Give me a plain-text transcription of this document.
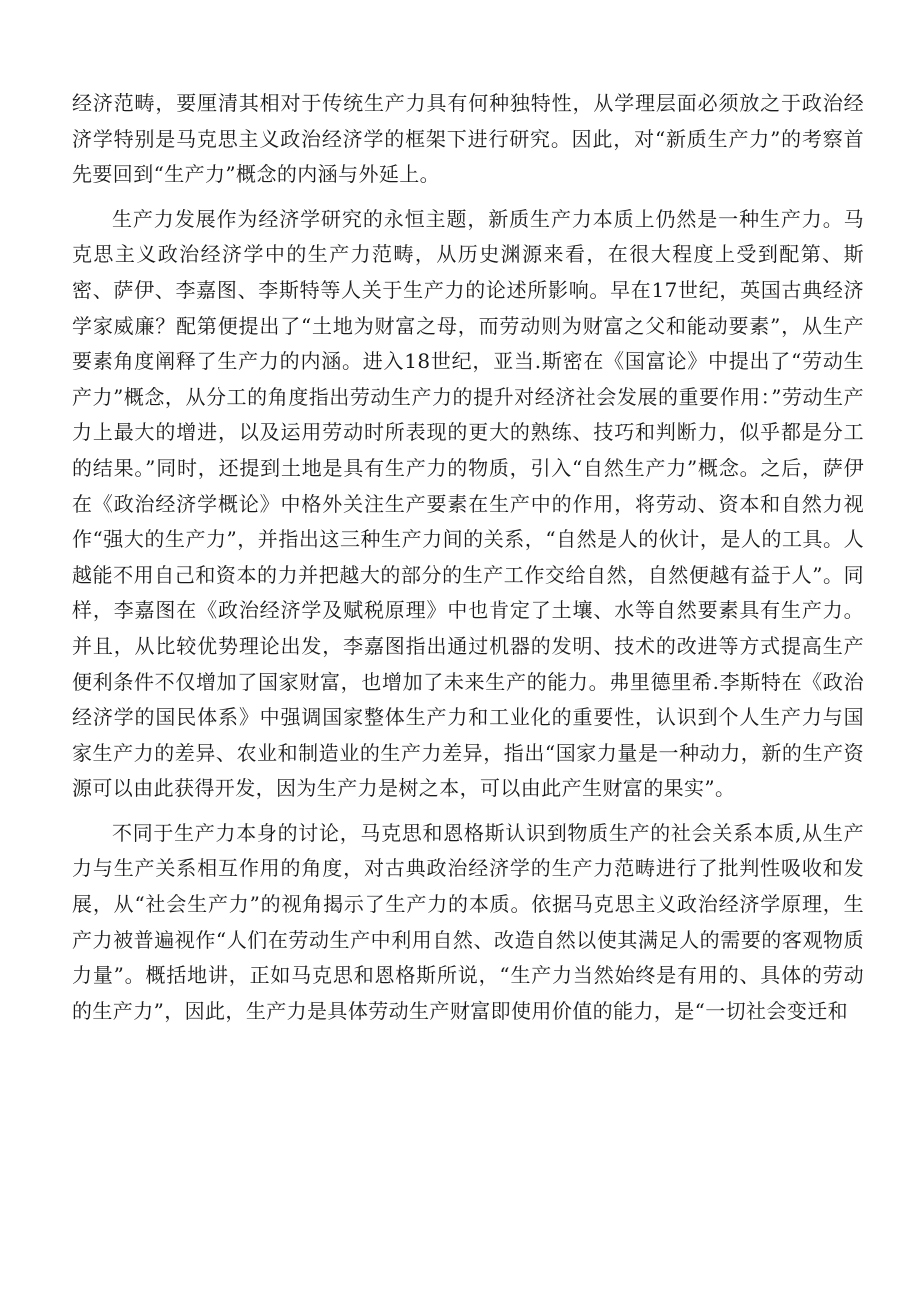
经济范畴，要厘清其相对于传统生产力具有何种独特性，从学理层面必须放之于政治经济学特别是马克思主义政治经济学的框架下进行研究。因此，对“新质生产力”的考察首先要回到“生产力”概念的内涵与外延上。

生产力发展作为经济学研究的永恒主题，新质生产力本质上仍然是一种生产力。马克思主义政治经济学中的生产力范畴，从历史渊源来看，在很大程度上受到配第、斯密、萨伊、李嘉图、李斯特等人关于生产力的论述所影响。早在17世纪，英国古典经济学家威廉？配第便提出了“土地为财富之母，而劳动则为财富之父和能动要素”，从生产要素角度阐释了生产力的内涵。进入18世纪，亚当.斯密在《国富论》中提出了“劳动生产力”概念，从分工的角度指出劳动生产力的提升对经济社会发展的重要作用：”劳动生产力上最大的增进，以及运用劳动时所表现的更大的熟练、技巧和判断力，似乎都是分工的结果。”同时，还提到土地是具有生产力的物质，引入“自然生产力”概念。之后，萨伊在《政治经济学概论》中格外关注生产要素在生产中的作用，将劳动、资本和自然力视作“强大的生产力”，并指出这三种生产力间的关系，“自然是人的伙计，是人的工具。人越能不用自己和资本的力并把越大的部分的生产工作交给自然，自然便越有益于人”。同样，李嘉图在《政治经济学及赋税原理》中也肯定了土壤、水等自然要素具有生产力。并且，从比较优势理论出发，李嘉图指出通过机器的发明、技术的改进等方式提高生产便利条件不仅增加了国家财富，也增加了未来生产的能力。弗里德里希.李斯特在《政治经济学的国民体系》中强调国家整体生产力和工业化的重要性，认识到个人生产力与国家生产力的差异、农业和制造业的生产力差异，指出“国家力量是一种动力，新的生产资源可以由此获得开发，因为生产力是树之本，可以由此产生财富的果实”。

不同于生产力本身的讨论，马克思和恩格斯认识到物质生产的社会关系本质,从生产力与生产关系相互作用的角度，对古典政治经济学的生产力范畴进行了批判性吸收和发展，从“社会生产力”的视角揭示了生产力的本质。依据马克思主义政治经济学原理，生产力被普遍视作“人们在劳动生产中利用自然、改造自然以使其满足人的需要的客观物质力量”。概括地讲，正如马克思和恩格斯所说，“生产力当然始终是有用的、具体的劳动的生产力”，因此，生产力是具体劳动生产财富即使用价值的能力，是“一切社会变迁和
